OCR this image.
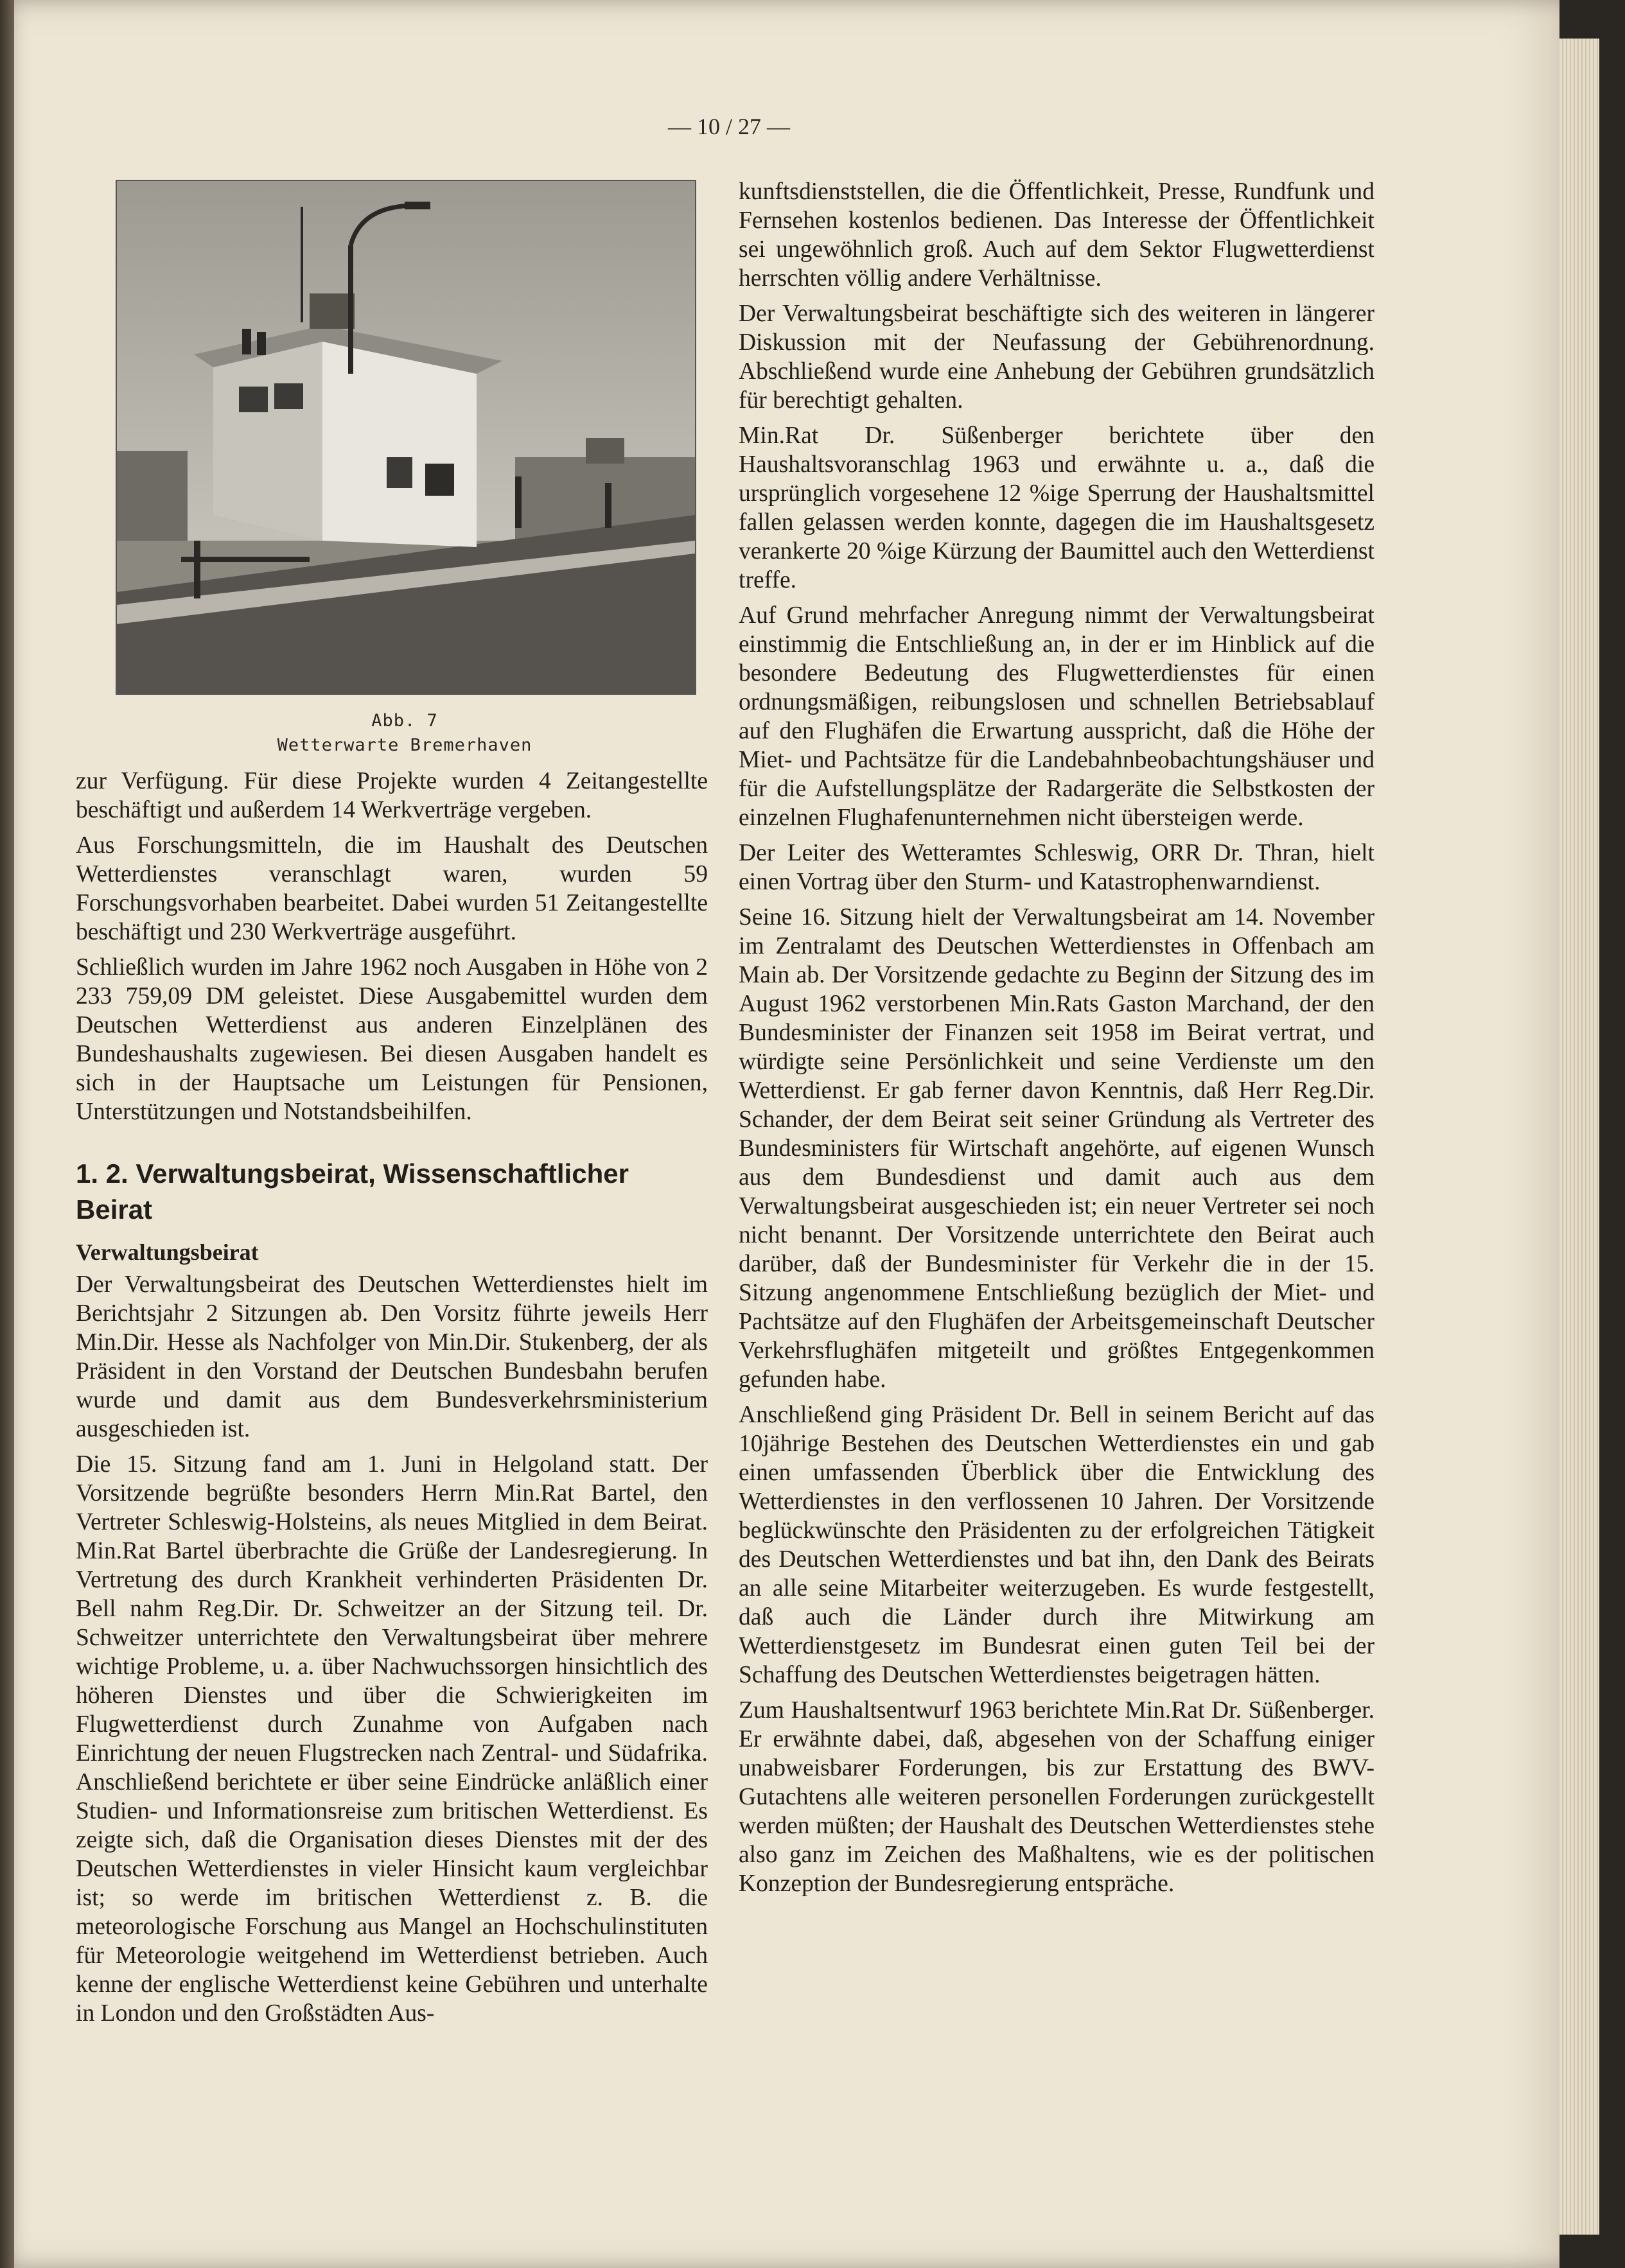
— 10 / 27 —
Abb. 7
Wetterwarte Bremerhaven

zur Verfügung. Für diese Projekte wurden 4 Zeitangestellte beschäftigt und außerdem 14 Werkverträge vergeben.

Aus Forschungsmitteln, die im Haushalt des Deutschen Wetterdienstes veranschlagt waren, wurden 59 Forschungsvorhaben bearbeitet. Dabei wurden 51 Zeitangestellte beschäftigt und 230 Werkverträge ausgeführt.

Schließlich wurden im Jahre 1962 noch Ausgaben in Höhe von 2 233 759,09 DM geleistet. Diese Ausgabemittel wurden dem Deutschen Wetterdienst aus anderen Einzelplänen des Bundeshaushalts zugewiesen. Bei diesen Ausgaben handelt es sich in der Hauptsache um Leistungen für Pensionen, Unterstützungen und Notstandsbeihilfen.

1. 2. Verwaltungsbeirat, Wissenschaftlicher Beirat
Verwaltungsbeirat

Der Verwaltungsbeirat des Deutschen Wetterdienstes hielt im Berichtsjahr 2 Sitzungen ab. Den Vorsitz führte jeweils Herr Min.Dir. Hesse als Nachfolger von Min.Dir. Stukenberg, der als Präsident in den Vorstand der Deutschen Bundesbahn berufen wurde und damit aus dem Bundesverkehrsministerium ausgeschieden ist.

Die 15. Sitzung fand am 1. Juni in Helgoland statt. Der Vorsitzende begrüßte besonders Herrn Min.Rat Bartel, den Vertreter Schleswig-Holsteins, als neues Mitglied in dem Beirat. Min.Rat Bartel überbrachte die Grüße der Landesregierung. In Vertretung des durch Krankheit verhinderten Präsidenten Dr. Bell nahm Reg.Dir. Dr. Schweitzer an der Sitzung teil. Dr. Schweitzer unterrichtete den Verwaltungsbeirat über mehrere wichtige Probleme, u. a. über Nachwuchssorgen hinsichtlich des höheren Dienstes und über die Schwierigkeiten im Flugwetterdienst durch Zunahme von Aufgaben nach Einrichtung der neuen Flugstrecken nach Zentral- und Südafrika. Anschließend berichtete er über seine Eindrücke anläßlich einer Studien- und Informationsreise zum britischen Wetterdienst. Es zeigte sich, daß die Organisation dieses Dienstes mit der des Deutschen Wetterdienstes in vieler Hinsicht kaum vergleichbar ist; so werde im britischen Wetterdienst z. B. die meteorologische Forschung aus Mangel an Hochschulinstituten für Meteorologie weitgehend im Wetterdienst betrieben. Auch kenne der englische Wetterdienst keine Gebühren und unterhalte in London und den Großstädten Aus-

kunftsdienststellen, die die Öffentlichkeit, Presse, Rundfunk und Fernsehen kostenlos bedienen. Das Interesse der Öffentlichkeit sei ungewöhnlich groß. Auch auf dem Sektor Flugwetterdienst herrschten völlig andere Verhältnisse.

Der Verwaltungsbeirat beschäftigte sich des weiteren in längerer Diskussion mit der Neufassung der Gebührenordnung. Abschließend wurde eine Anhebung der Gebühren grundsätzlich für berechtigt gehalten.

Min.Rat Dr. Süßenberger berichtete über den Haushaltsvoranschlag 1963 und erwähnte u. a., daß die ursprünglich vorgesehene 12 %ige Sperrung der Haushaltsmittel fallen gelassen werden konnte, dagegen die im Haushaltsgesetz verankerte 20 %ige Kürzung der Baumittel auch den Wetterdienst treffe.

Auf Grund mehrfacher Anregung nimmt der Verwaltungsbeirat einstimmig die Entschließung an, in der er im Hinblick auf die besondere Bedeutung des Flugwetterdienstes für einen ordnungsmäßigen, reibungslosen und schnellen Betriebsablauf auf den Flughäfen die Erwartung ausspricht, daß die Höhe der Miet- und Pachtsätze für die Landebahnbeobachtungshäuser und für die Aufstellungsplätze der Radargeräte die Selbstkosten der einzelnen Flughafenunternehmen nicht übersteigen werde.

Der Leiter des Wetteramtes Schleswig, ORR Dr. Thran, hielt einen Vortrag über den Sturm- und Katastrophenwarndienst.

Seine 16. Sitzung hielt der Verwaltungsbeirat am 14. November im Zentralamt des Deutschen Wetterdienstes in Offenbach am Main ab. Der Vorsitzende gedachte zu Beginn der Sitzung des im August 1962 verstorbenen Min.Rats Gaston Marchand, der den Bundesminister der Finanzen seit 1958 im Beirat vertrat, und würdigte seine Persönlichkeit und seine Verdienste um den Wetterdienst. Er gab ferner davon Kenntnis, daß Herr Reg.Dir. Schander, der dem Beirat seit seiner Gründung als Vertreter des Bundesministers für Wirtschaft angehörte, auf eigenen Wunsch aus dem Bundesdienst und damit auch aus dem Verwaltungsbeirat ausgeschieden ist; ein neuer Vertreter sei noch nicht benannt. Der Vorsitzende unterrichtete den Beirat auch darüber, daß der Bundesminister für Verkehr die in der 15. Sitzung angenommene Entschließung bezüglich der Miet- und Pachtsätze auf den Flughäfen der Arbeitsgemeinschaft Deutscher Verkehrsflughäfen mitgeteilt und größtes Entgegenkommen gefunden habe.

Anschließend ging Präsident Dr. Bell in seinem Bericht auf das 10jährige Bestehen des Deutschen Wetterdienstes ein und gab einen umfassenden Überblick über die Entwicklung des Wetterdienstes in den verflossenen 10 Jahren. Der Vorsitzende beglückwünschte den Präsidenten zu der erfolgreichen Tätigkeit des Deutschen Wetterdienstes und bat ihn, den Dank des Beirats an alle seine Mitarbeiter weiterzugeben. Es wurde festgestellt, daß auch die Länder durch ihre Mitwirkung am Wetterdienstgesetz im Bundesrat einen guten Teil bei der Schaffung des Deutschen Wetterdienstes beigetragen hätten.

Zum Haushaltsentwurf 1963 berichtete Min.Rat Dr. Süßenberger. Er erwähnte dabei, daß, abgesehen von der Schaffung einiger unabweisbarer Forderungen, bis zur Erstattung des BWV-Gutachtens alle weiteren personellen Forderungen zurückgestellt werden müßten; der Haushalt des Deutschen Wetterdienstes stehe also ganz im Zeichen des Maßhaltens, wie es der politischen Konzeption der Bundesregierung entspräche.
